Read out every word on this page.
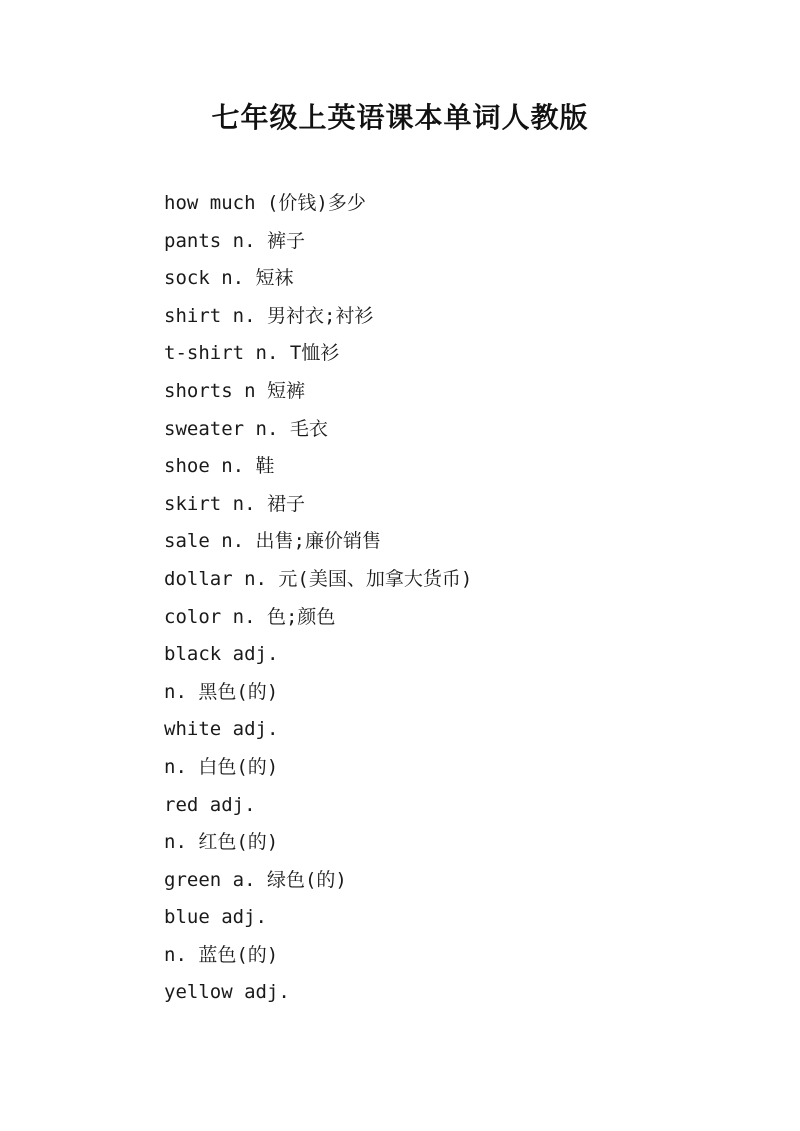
七年级上英语课本单词人教版
how much (价钱)多少
pants n. 裤子
sock n. 短袜
shirt n. 男衬衣;衬衫
t-shirt n. T恤衫
shorts n 短裤
sweater n. 毛衣
shoe n. 鞋
skirt n. 裙子
sale n. 出售;廉价销售
dollar n. 元(美国、加拿大货币)
color n. 色;颜色
black adj.
n. 黑色(的)
white adj.
n. 白色(的)
red adj.
n. 红色(的)
green a. 绿色(的)
blue adj.
n. 蓝色(的)
yellow adj.
